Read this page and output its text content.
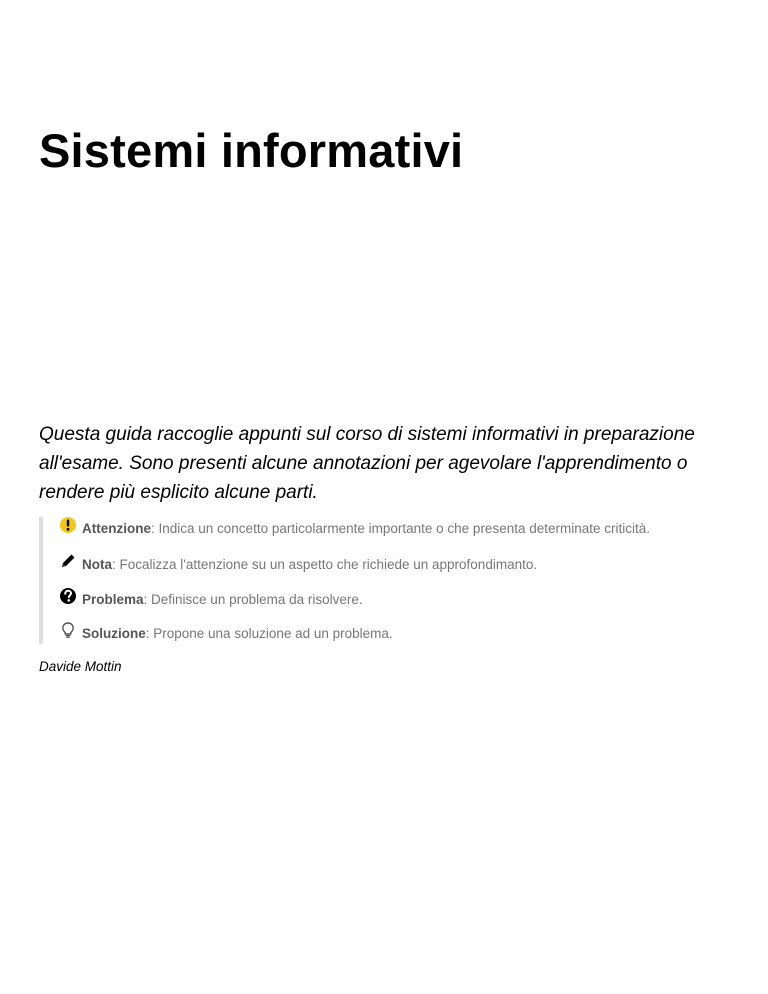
Sistemi informativi

Questa guida raccoglie appunti sul corso di sistemi informativi in preparazione all'esame. Sono presenti alcune annotazioni per agevolare l'apprendimento o rendere più esplicito alcune parti.

Attenzione : Indica un concetto particolarmente importante o che presenta determinate criticità.
Nota : Focalizza l'attenzione su un aspetto che richiede un approfondimanto.
Problema : Definisce un problema da risolvere.
Soluzione : Propone una soluzione ad un problema.

Davide Mottin
